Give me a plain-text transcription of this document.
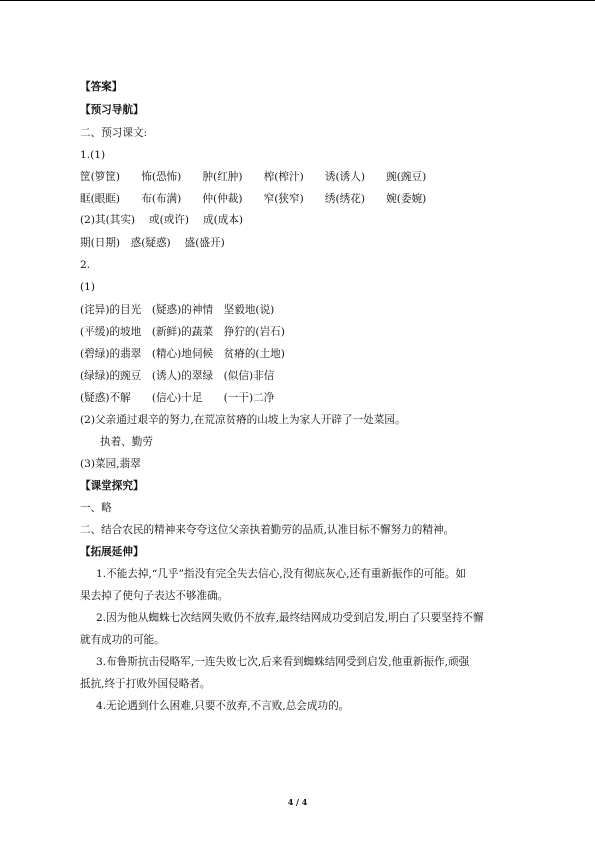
【答案】
【预习导航】
二、预习课文:
1.(1)
筐(箩筐)　　怖(恐怖)　　肿(红肿)　　榨(榨汁)　　诱(诱人)　　豌(豌豆)
眶(眼眶)　　布(布满)　　仲(仲裁)　　窄(狭窄)　　绣(绣花)　　婉(委婉)
(2)其(其实)　 或(或许)　 成(成本)
期(日期)　惑(疑惑)　 盛(盛开)
2.
(1)
(诧异)的目光　(疑惑)的神情　坚毅地(说)
(平缓)的坡地　(新鲜)的蔬菜　狰狞的(岩石)
(碧绿)的翡翠　(精心)地伺候　贫瘠的(土地)
(绿绿)的豌豆　(诱人)的翠绿　(似信)非信
(疑惑)不解　　(信心)十足　　(一干)二净
(2)父亲通过艰辛的努力,在荒凉贫瘠的山坡上为家人开辟了一处菜园。
执着、勤劳
(3)菜园,翡翠
【课堂探究】
一、略
二、结合农民的精神来夸夸这位父亲执着勤劳的品质,认准目标不懈努力的精神。
【拓展延伸】
1.不能去掉,“几乎”指没有完全失去信心,没有彻底灰心,还有重新振作的可能。如
果去掉了使句子表达不够准确。
2.因为他从蜘蛛七次结网失败仍不放弃,最终结网成功受到启发,明白了只要坚持不懈
就有成功的可能。
3.布鲁斯抗击侵略军,一连失败七次,后来看到蜘蛛结网受到启发,他重新振作,顽强
抵抗,终于打败外国侵略者。
4.无论遇到什么困难,只要不放弃,不言败,总会成功的。
4 / 4
